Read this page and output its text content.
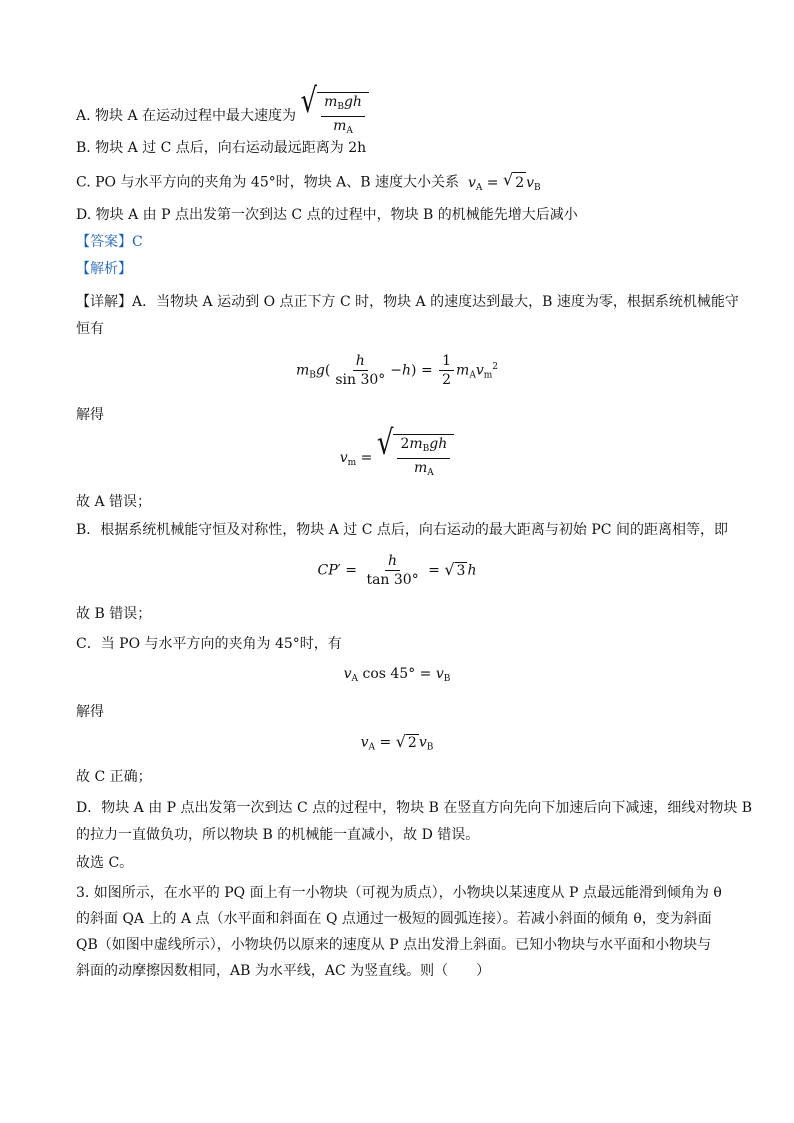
A. 物块 A 在运动过程中最大速度为 √ $\frac{m_Bgh}{m_A}$
B. 物块 A 过 C 点后，向右运动最远距离为 2h
C. PO 与水平方向的夹角为 45°时，物块 A、B 速度大小关系 $v_A$ = √ 2 $v_B$
D. 物块 A 由 P 点出发第一次到达 C 点的过程中，物块 B 的机械能先增大后减小
【答案】C
【解析】
【详解】A．当物块 A 运动到 O 点正下方 C 时，物块 A 的速度达到最大，B 速度为零，根据系统机械能守
恒有
$m_Bg( \frac{h}{\sin 30^\circ} -h) = \frac{1}{2} m_Av_m^2$
解得
$v_m$ = √ $\frac{2m_Bgh}{m_A}$
故 A 错误；
B．根据系统机械能守恒及对称性，物块 A 过 C 点后，向右运动的最大距离与初始 PC 间的距离相等，即
$CP' = \frac{h}{\tan 30^\circ}$ = √ 3 h
故 B 错误；
C．当 PO 与水平方向的夹角为 45°时，有
$v_A$ $\cos 45^\circ = v_B$
解得
$v_A$ = √ 2 $v_B$
故 C 正确；
D．物块 A 由 P 点出发第一次到达 C 点的过程中，物块 B 在竖直方向先向下加速后向下减速，细线对物块 B
的拉力一直做负功，所以物块 B 的机械能一直减小，故 D 错误。
故选 C。
3. 如图所示，在水平的 PQ 面上有一小物块（可视为质点），小物块以某速度从 P 点最远能滑到倾角为 θ 的斜面 QA 上的 A 点（水平面和斜面在 Q 点通过一极短的圆弧连接）。若减小斜面的倾角 θ，变为斜面 QB（如图中虚线所示），小物块仍以原来的速度从 P 点出发滑上斜面。已知小物块与水平面和小物块与斜面的动摩擦因数相同，AB 为水平线，AC 为竖直线。则（　　）
